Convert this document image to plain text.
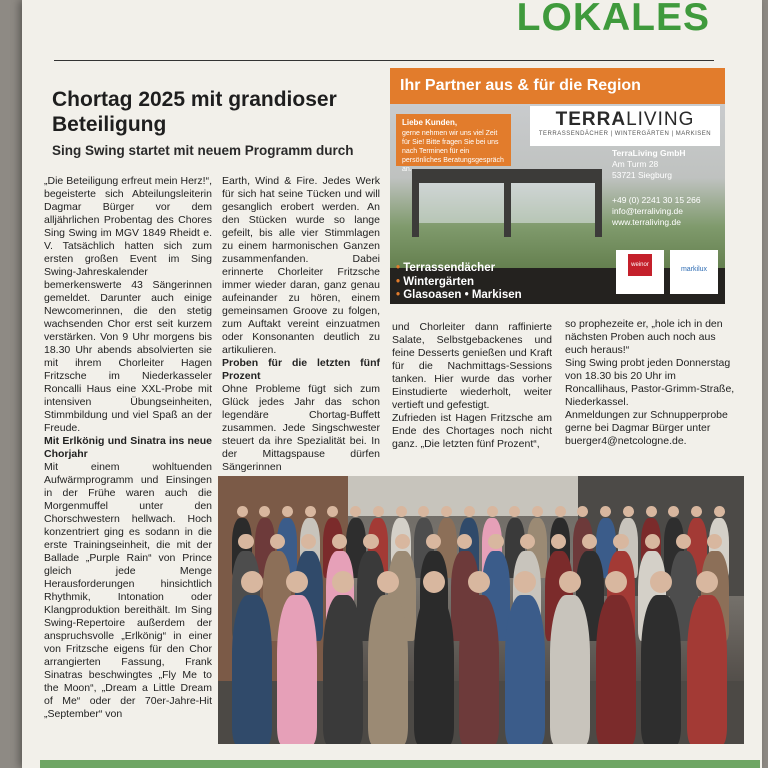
LOKALES
Chortag 2025 mit grandioser Beteiligung
Sing Swing startet mit neuem Programm durch

„Die Beteiligung erfreut mein Herz!“, begeisterte sich Abteilungsleiterin Dagmar Bürger vor dem alljährlichen Probentag des Chores Sing Swing im MGV 1849 Rheidt e. V. Tatsächlich hatten sich zum ersten großen Event im Sing Swing-Jahreskalender bemerkenswerte 43 Sängerinnen gemeldet. Darunter auch einige Newcomerinnen, die den stetig wachsenden Chor erst seit kurzem verstärken. Von 9 Uhr morgens bis 18.30 Uhr abends absolvierten sie mit ihrem Chorleiter Hagen Fritzsche im Niederkasseler Roncalli Haus eine XXL-Probe mit intensiven Übungseinheiten, Stimmbildung und viel Spaß an der Freude.

Mit Erlkönig und Sinatra ins neue Chorjahr

Mit einem wohltuenden Aufwärmprogramm und Einsingen in der Frühe waren auch die Morgenmuffel unter den Chorschwestern hellwach. Hoch konzentriert ging es sodann in die erste Trainingseinheit, die mit der Ballade „Purple Rain“ von Prince gleich jede Menge Herausforderungen hinsichtlich Rhythmik, Intonation oder Klangproduktion bereithält. Im Sing Swing-Repertoire außerdem der anspruchsvolle „Erlkönig“ in einer von Fritzsche eigens für den Chor arrangierten Fassung, Frank Sinatras beschwingtes „Fly Me to the Moon“, „Dream a Little Dream of Me“ oder der 70er-Jahre-Hit „September“ von

Earth, Wind & Fire. Jedes Werk für sich hat seine Tücken und will gesanglich erobert werden. An den Stücken wurde so lange gefeilt, bis alle vier Stimmlagen zu einem harmonischen Ganzen zusammenfanden. Dabei erinnerte Chorleiter Fritzsche immer wieder daran, ganz genau aufeinander zu hören, einem gemeinsamen Groove zu folgen, zum Auftakt vereint einzuatmen oder Konsonanten deutlich zu artikulieren.

Proben für die letzten fünf Prozent

Ohne Probleme fügt sich zum Glück jedes Jahr das schon legendäre Chortag-Buffett zusammen. Jede Singschwester steuert da ihre Spezialität bei. In der Mittagspause dürfen Sängerinnen

und Chorleiter dann raffinierte Salate, Selbstgebackenes und feine Desserts genießen und Kraft für die Nachmittags-Sessions tanken. Hier wurde das vorher Einstudierte wiederholt, weiter vertieft und gefestigt.

Zufrieden ist Hagen Fritzsche am Ende des Chortages noch nicht ganz. „Die letzten fünf Prozent“,

so prophezeite er, „hole ich in den nächsten Proben auch noch aus euch heraus!“

Sing Swing probt jeden Donnerstag von 18.30 bis 20 Uhr im Roncallihaus, Pastor-Grimm-Straße, Niederkassel.

Anmeldungen zur Schnupperprobe gerne bei Dagmar Bürger unter buerger4@netcologne.de.

Ihr Partner aus & für die Region
Liebe Kunden,
gerne nehmen wir uns viel Zeit für Sie! Bitte fragen Sie bei uns nach Terminen für ein persönliches Beratungsgespräch an.
TERRALIVING
TERRASSENDÄCHER | WINTERGÄRTEN | MARKISEN

TerraLiving GmbH

Am Turm 28

53721 Siegburg

+49 (0) 2241 30 15 266

info@terraliving.de

www.terraliving.de

• Terrassendächer
• Wintergärten
• Glasoasen • Markisen
weinor
markilux
